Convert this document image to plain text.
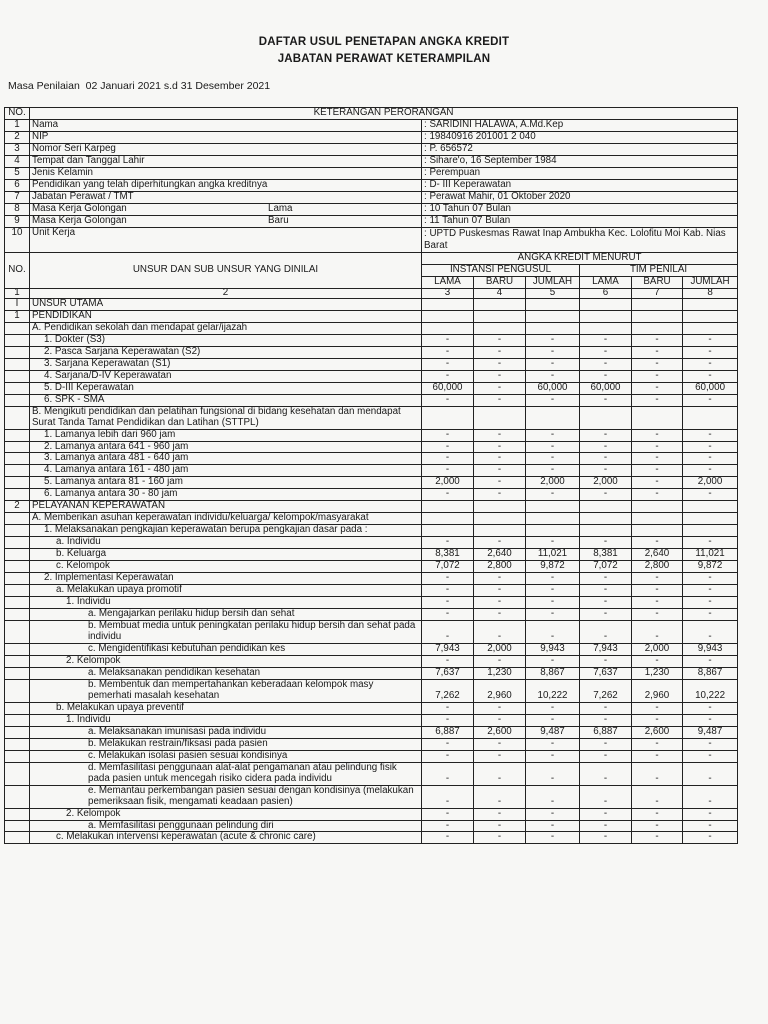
DAFTAR USUL PENETAPAN ANGKA KREDIT
JABATAN PERAWAT KETERAMPILAN
Masa Penilaian 02 Januari 2021 s.d 31 Desember 2021
NO.	KETERANGAN PERORANGAN						
1	Nama	: SARIDINI HALAWA, A.Md.Kep					
2	NIP	: 19840916 201001 2 040					
3	Nomor Seri Karpeg	: P. 656572					
4	Tempat dan Tanggal Lahir	: Sihare'o, 16 September 1984					
5	Jenis Kelamin	: Perempuan					
6	Pendidikan yang telah diperhitungkan angka kreditnya	: D- III Keperawatan					
7	Jabatan Perawat / TMT	: Perawat Mahir, 01 Oktober 2020					
8	Masa Kerja Golongan Lama	: 10 Tahun 07 Bulan					
9	Masa Kerja Golongan Baru	: 11 Tahun 07 Bulan					
10	Unit Kerja	: UPTD Puskesmas Rawat Inap Ambukha Kec. Lolofitu Moi Kab. Nias Barat					
NO.	UNSUR DAN SUB UNSUR YANG DINILAI	ANGKA KREDIT MENURUT					
		INSTANSI PENGUSUL			TIM PENILAI		
		LAMA	BARU	JUMLAH	LAMA	BARU	JUMLAH
1	2	3	4	5	6	7	8
I	UNSUR UTAMA						

1	PENDIDIKAN						

	A. Pendidikan sekolah dan mendapat gelar/ijazah						

	1. Dokter (S3)	-	-	-	-	-	-

	2. Pasca Sarjana Keperawatan (S2)	-	-	-	-	-	-

	3. Sarjana Keperawatan (S1)	-	-	-	-	-	-

	4. Sarjana/D-IV Keperawatan	-	-	-	-	-	-

	5. D-III Keperawatan	60,000	-	60,000	60,000	-	60,000

	6. SPK - SMA	-	-	-	-	-	-

	B. Mengikuti pendidikan dan pelatihan fungsional di bidang kesehatan dan mendapat Surat Tanda Tamat Pendidikan dan Latihan (STTPL)						

	1. Lamanya lebih dari 960 jam	-	-	-	-	-	-

	2. Lamanya antara 641 - 960 jam	-	-	-	-	-	-

	3. Lamanya antara 481 - 640 jam	-	-	-	-	-	-

	4. Lamanya antara 161 - 480 jam	-	-	-	-	-	-

	5. Lamanya antara 81 - 160 jam	2,000	-	2,000	2,000	-	2,000

	6. Lamanya antara 30 - 80 jam	-	-	-	-	-	-
2	PELAYANAN KEPERAWATAN						

	A. Memberikan asuhan keperawatan individu/keluarga/ kelompok/masyarakat						

	1. Melaksanakan pengkajian keperawatan berupa pengkajian dasar pada :						

	a. Individu	-	-	-	-	-	-

	b. Keluarga	8,381	2,640	11,021	8,381	2,640	11,021

	c. Kelompok	7,072	2,800	9,872	7,072	2,800	9,872

	2. Implementasi Keperawatan	-	-	-	-	-	-

	a. Melakukan upaya promotif	-	-	-	-	-	-

	1. Individu	-	-	-	-	-	-

	a. Mengajarkan perilaku hidup bersih dan sehat	-	-	-	-	-	-

	b. Membuat media untuk peningkatan perilaku hidup bersih dan sehat pada individu	-	-	-	-	-	-

	c. Mengidentifikasi kebutuhan pendidikan kes	7,943	2,000	9,943	7,943	2,000	9,943

	2. Kelompok	-	-	-	-	-	-

	a. Melaksanakan pendidikan kesehatan	7,637	1,230	8,867	7,637	1,230	8,867

	b. Membentuk dan mempertahankan keberadaan kelompok masy pemerhati masalah kesehatan	7,262	2,960	10,222	7,262	2,960	10,222

	b. Melakukan upaya preventif	-	-	-	-	-	-

	1. Individu	-	-	-	-	-	-

	a. Melaksanakan imunisasi pada individu	6,887	2,600	9,487	6,887	2,600	9,487

	b. Melakukan restrain/fiksasi pada pasien	-	-	-	-	-	-

	c. Melakukan isolasi pasien sesuai kondisinya	-	-	-	-	-	-

	d. Memfasilitasi penggunaan alat-alat pengamanan atau pelindung fisik pada pasien untuk mencegah risiko cidera pada individu	-	-	-	-	-	-

	e. Memantau perkembangan pasien sesuai dengan kondisinya (melakukan pemeriksaan fisik, mengamati keadaan pasien)	-	-	-	-	-	-

	2. Kelompok	-	-	-	-	-	-

	a. Memfasilitasi penggunaan pelindung diri	-	-	-	-	-	-

	c. Melakukan intervensi keperawatan (acute & chronic care)	-	-	-	-	-	-
